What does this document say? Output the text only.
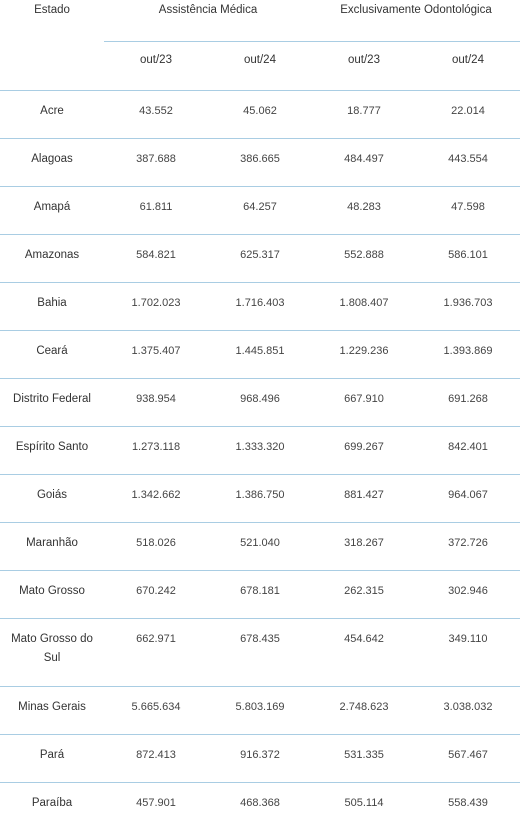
Estado	Assistência Médica		Exclusivamente Odontológica	
	out/23	out/24	out/23	out/24
Acre	43.552	45.062	18.777	22.014
Alagoas	387.688	386.665	484.497	443.554
Amapá	61.811	64.257	48.283	47.598
Amazonas	584.821	625.317	552.888	586.101
Bahia	1.702.023	1.716.403	1.808.407	1.936.703
Ceará	1.375.407	1.445.851	1.229.236	1.393.869
Distrito Federal	938.954	968.496	667.910	691.268
Espírito Santo	1.273.118	1.333.320	699.267	842.401
Goiás	1.342.662	1.386.750	881.427	964.067
Maranhão	518.026	521.040	318.267	372.726
Mato Grosso	670.242	678.181	262.315	302.946
Mato Grosso do Sul	662.971	678.435	454.642	349.110
Minas Gerais	5.665.634	5.803.169	2.748.623	3.038.032
Pará	872.413	916.372	531.335	567.467
Paraíba	457.901	468.368	505.114	558.439
